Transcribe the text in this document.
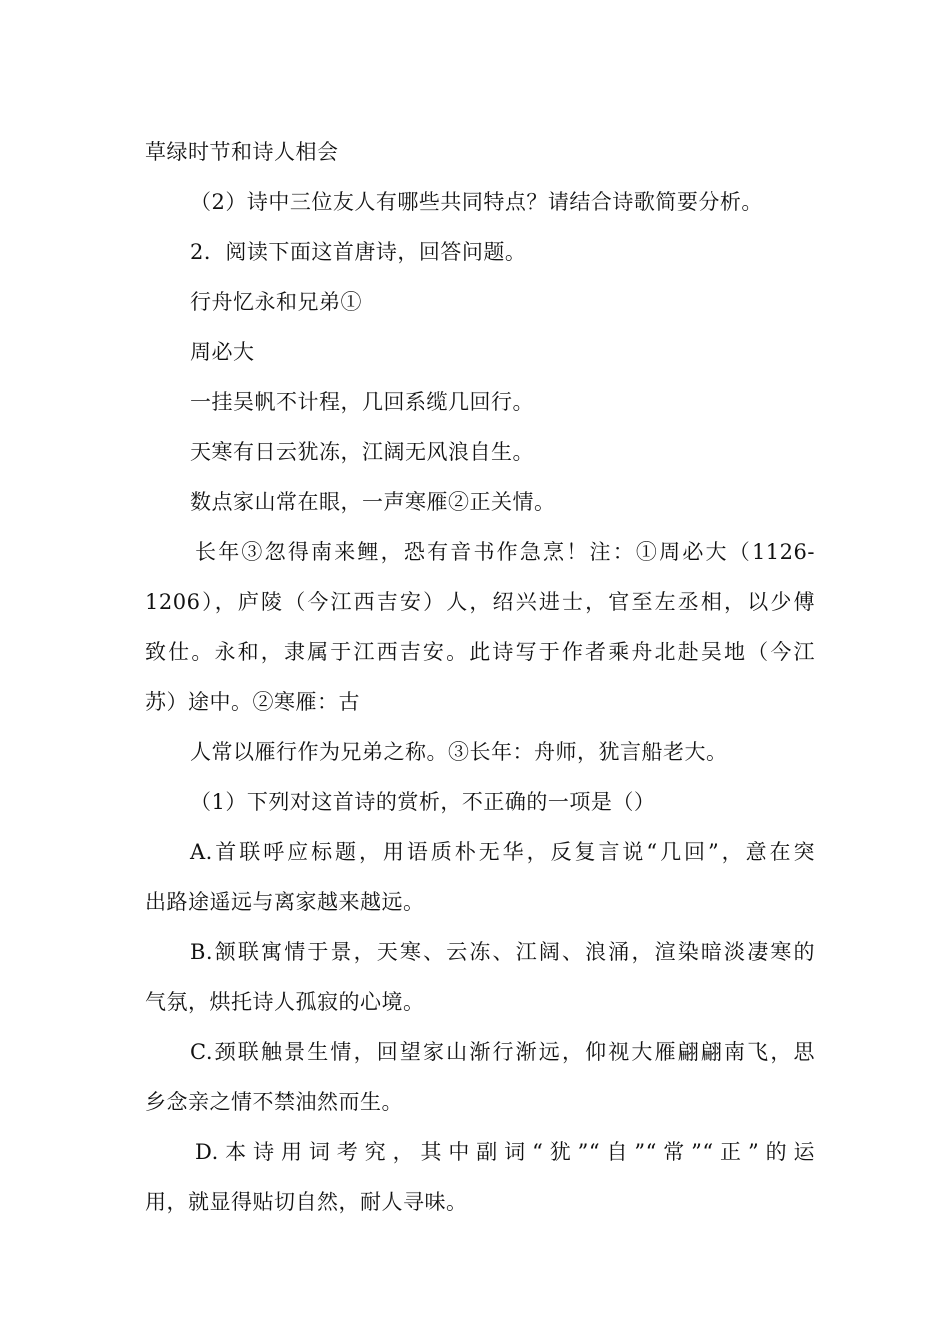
草绿时节和诗人相会
（2）诗中三位友人有哪些共同特点？请结合诗歌简要分析。
2．阅读下面这首唐诗，回答问题。
行舟忆永和兄弟①
周必大
一挂吴帆不计程，几回系缆几回行。
天寒有日云犹冻，江阔无风浪自生。
数点家山常在眼，一声寒雁②正关情。
长年③忽得南来鲤，恐有音书作急烹！注：①周必大（1126-
1206），庐陵（今江西吉安）人，绍兴进士，官至左丞相，以少傅
致仕。永和，隶属于江西吉安。此诗写于作者乘舟北赴吴地（今江
苏）途中。②寒雁：古
人常以雁行作为兄弟之称。③长年：舟师，犹言船老大。
（1）下列对这首诗的赏析，不正确的一项是（）
A.首联呼应标题，用语质朴无华，反复言说“几回”，意在突
出路途遥远与离家越来越远。
B.颔联寓情于景，天寒、云冻、江阔、浪涌，渲染暗淡凄寒的
气氛，烘托诗人孤寂的心境。
C.颈联触景生情，回望家山渐行渐远，仰视大雁翩翩南飞，思
乡念亲之情不禁油然而生。
D.本诗用词考究，其中副词“犹”“自”“常”“正”的运
用，就显得贴切自然，耐人寻味。
